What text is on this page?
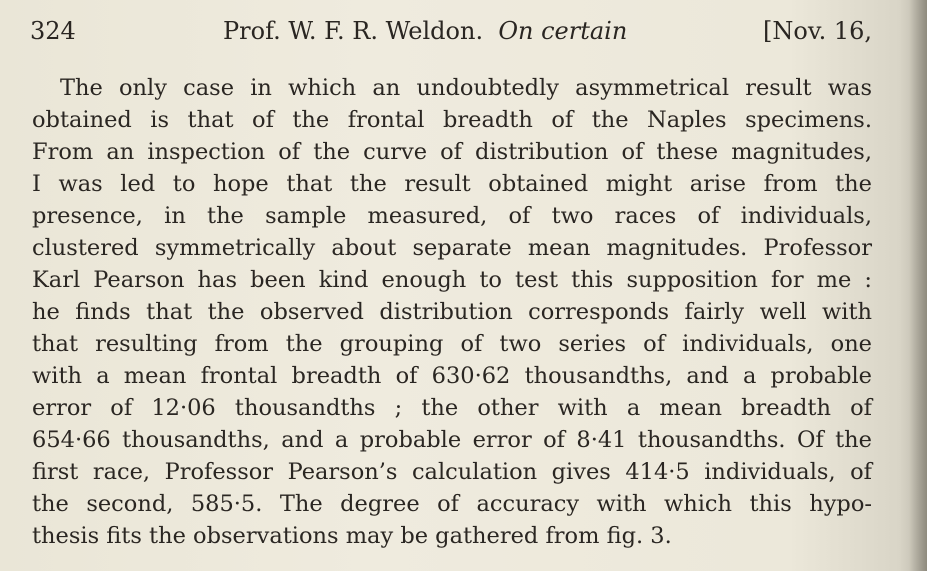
324	Prof. W. F. R. Weldon. On certain	[Nov. 16,
The only case in which an undoubtedly asymmetrical result was
obtained is that of the frontal breadth of the Naples specimens.
From an inspection of the curve of distribution of these magnitudes,
I was led to hope that the result obtained might arise from the
presence, in the sample measured, of two races of individuals,
clustered symmetrically about separate mean magnitudes. Professor
Karl Pearson has been kind enough to test this supposition for me :
he finds that the observed distribution corresponds fairly well with
that resulting from the grouping of two series of individuals, one
with a mean frontal breadth of 630·62 thousandths, and a probable
error of 12·06 thousandths ; the other with a mean breadth of
654·66 thousandths, and a probable error of 8·41 thousandths. Of the
first race, Professor Pearson’s calculation gives 414·5 individuals, of
the second, 585·5. The degree of accuracy with which this hypo-
thesis fits the observations may be gathered from fig. 3.
